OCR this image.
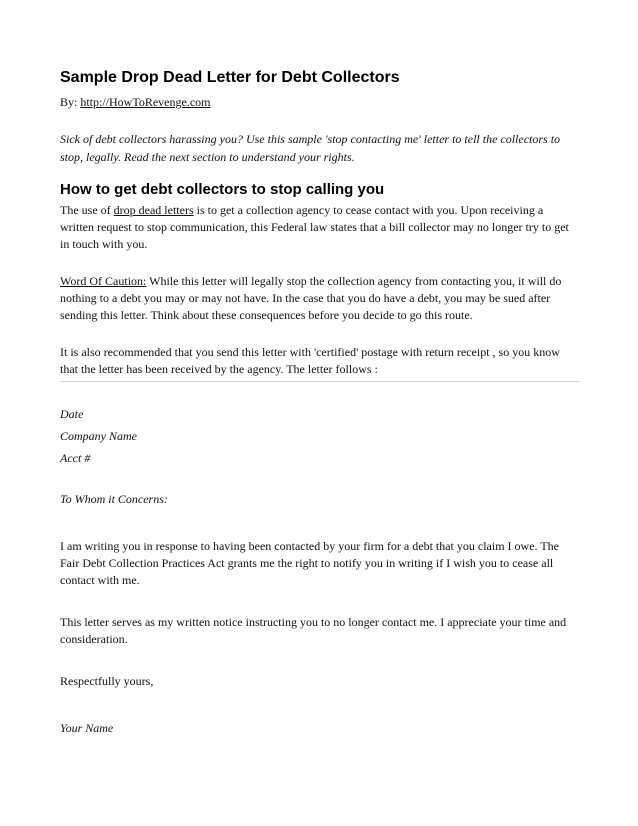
Sample Drop Dead Letter for Debt Collectors
By: http://HowToRevenge.com
Sick of debt collectors harassing you? Use this sample 'stop contacting me' letter to tell the collectors to stop, legally. Read the next section to understand your rights.
How to get debt collectors to stop calling you
The use of drop dead letters is to get a collection agency to cease contact with you. Upon receiving a written request to stop communication, this Federal law states that a bill collector may no longer try to get in touch with you.
Word Of Caution: While this letter will legally stop the collection agency from contacting you, it will do nothing to a debt you may or may not have. In the case that you do have a debt, you may be sued after sending this letter. Think about these consequences before you decide to go this route.
It is also recommended that you send this letter with 'certified' postage with return receipt , so you know that the letter has been received by the agency. The letter follows :
Date
Company Name
Acct #
To Whom it Concerns:
I am writing you in response to having been contacted by your firm for a debt that you claim I owe. The Fair Debt Collection Practices Act grants me the right to notify you in writing if I wish you to cease all contact with me.
This letter serves as my written notice instructing you to no longer contact me. I appreciate your time and consideration.
Respectfully yours,
Your Name
